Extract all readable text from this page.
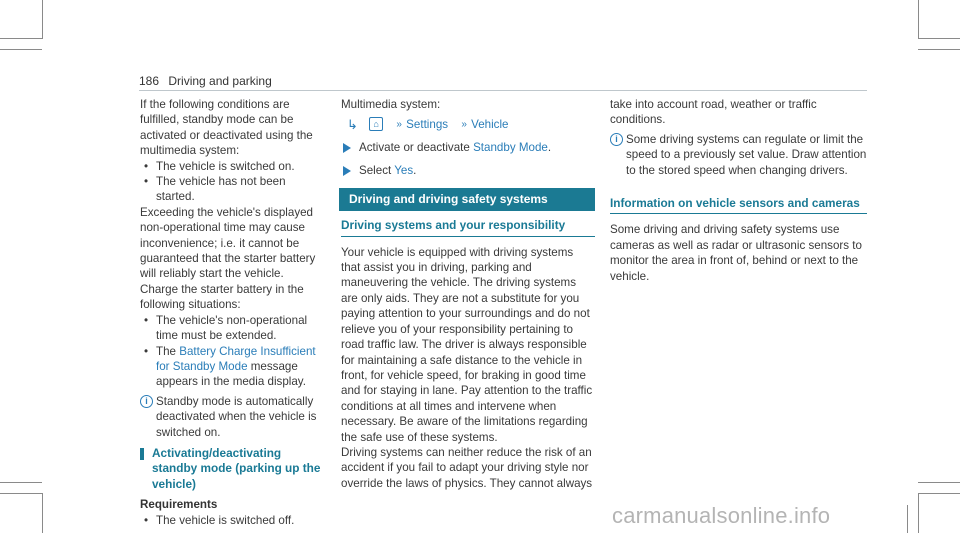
186 Driving and parking

If the following conditions are fulfilled, standby mode can be activated or deactivated using the multimedia system:

• The vehicle is switched on.

• The vehicle has not been started.

Exceeding the vehicle's displayed non-operational time may cause inconvenience; i.e. it cannot be guaranteed that the starter battery will reliably start the vehicle.

Charge the starter battery in the following situations:

• The vehicle's non-operational time must be extended.

• The Battery Charge Insufficient for Standby Mode message appears in the media display.

i Standby mode is automatically deactivated when the vehicle is switched on.

Activating/deactivating standby mode (parking up the vehicle)

Requirements

• The vehicle is switched off.

Multimedia system:

↳ ⌂ » Settings » Vehicle

Activate or deactivate Standby Mode.

Select Yes.

Driving and driving safety systems

Driving systems and your responsibility

Your vehicle is equipped with driving systems that assist you in driving, parking and maneuvering the vehicle. The driving systems are only aids. They are not a substitute for you paying attention to your surroundings and do not relieve you of your responsibility pertaining to road traffic law. The driver is always responsible for maintaining a safe distance to the vehicle in front, for vehicle speed, for braking in good time and for staying in lane. Pay attention to the traffic conditions at all times and intervene when necessary. Be aware of the limitations regarding the safe use of these systems.

Driving systems can neither reduce the risk of an accident if you fail to adapt your driving style nor override the laws of physics. They cannot always

take into account road, weather or traffic conditions.

i Some driving systems can regulate or limit the speed to a previously set value. Draw attention to the stored speed when changing drivers.

Information on vehicle sensors and cameras

Some driving and driving safety systems use cameras as well as radar or ultrasonic sensors to monitor the area in front of, behind or next to the vehicle.

carmanualsonline.info
